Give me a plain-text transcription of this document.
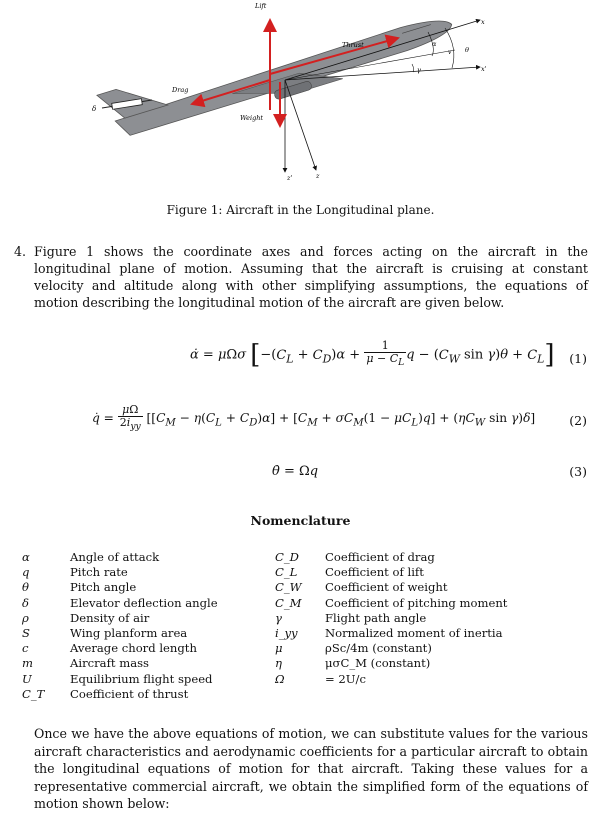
δ
Lift
Thrust
Drag
Weight
x
x'
z
z'
α
θ
γ
v
Figure 1: Aircraft in the Longitudinal plane.
4. Figure 1 shows the coordinate axes and forces acting on the aircraft in the longitudinal plane of motion. Assuming that the aircraft is cruising at constant velocity and altitude along with other simplifying assumptions, the equations of motion describing the longitudinal motion of the aircraft are given below.
α̇ = μΩσ [$-(C_L + C_D)\alpha + \frac{1}{\mu - C_L}$ $q - (C_W$ $\sin \gamma)\theta + C_L$] (1)
q̇ = $\frac{\mu\Omega}{2i_{yy}} [[C_M - \eta(C_L + C_D)\alpha] + [C_M + \sigma C_M(1 - \mu C_L)q] + (\eta C_W$ sin γ)δ]	(2)
θ̇ = Ωq	(3)
Nomenclature
α
q
θ
δ
ρ
S
c
m
U
C_T
Angle of attack
Pitch rate
Pitch angle
Elevator deflection angle
Density of air
Wing planform area
Average chord length
Aircraft mass
Equilibrium flight speed
Coefficient of thrust
C_D
C_L
C_W
C_M
γ
i_yy
μ
η
Ω
Coefficient of drag
Coefficient of lift
Coefficient of weight
Coefficient of pitching moment
Flight path angle
Normalized moment of inertia
ρSc/4m (constant)
μσC_M (constant)
= 2U/c
Once we have the above equations of motion, we can substitute values for the various aircraft characteristics and aerodynamic coefficients for a particular aircraft to obtain the longitudinal equations of motion for that aircraft. Taking these values for a representative commercial aircraft, we obtain the simplified form of the equations of motion shown below:
